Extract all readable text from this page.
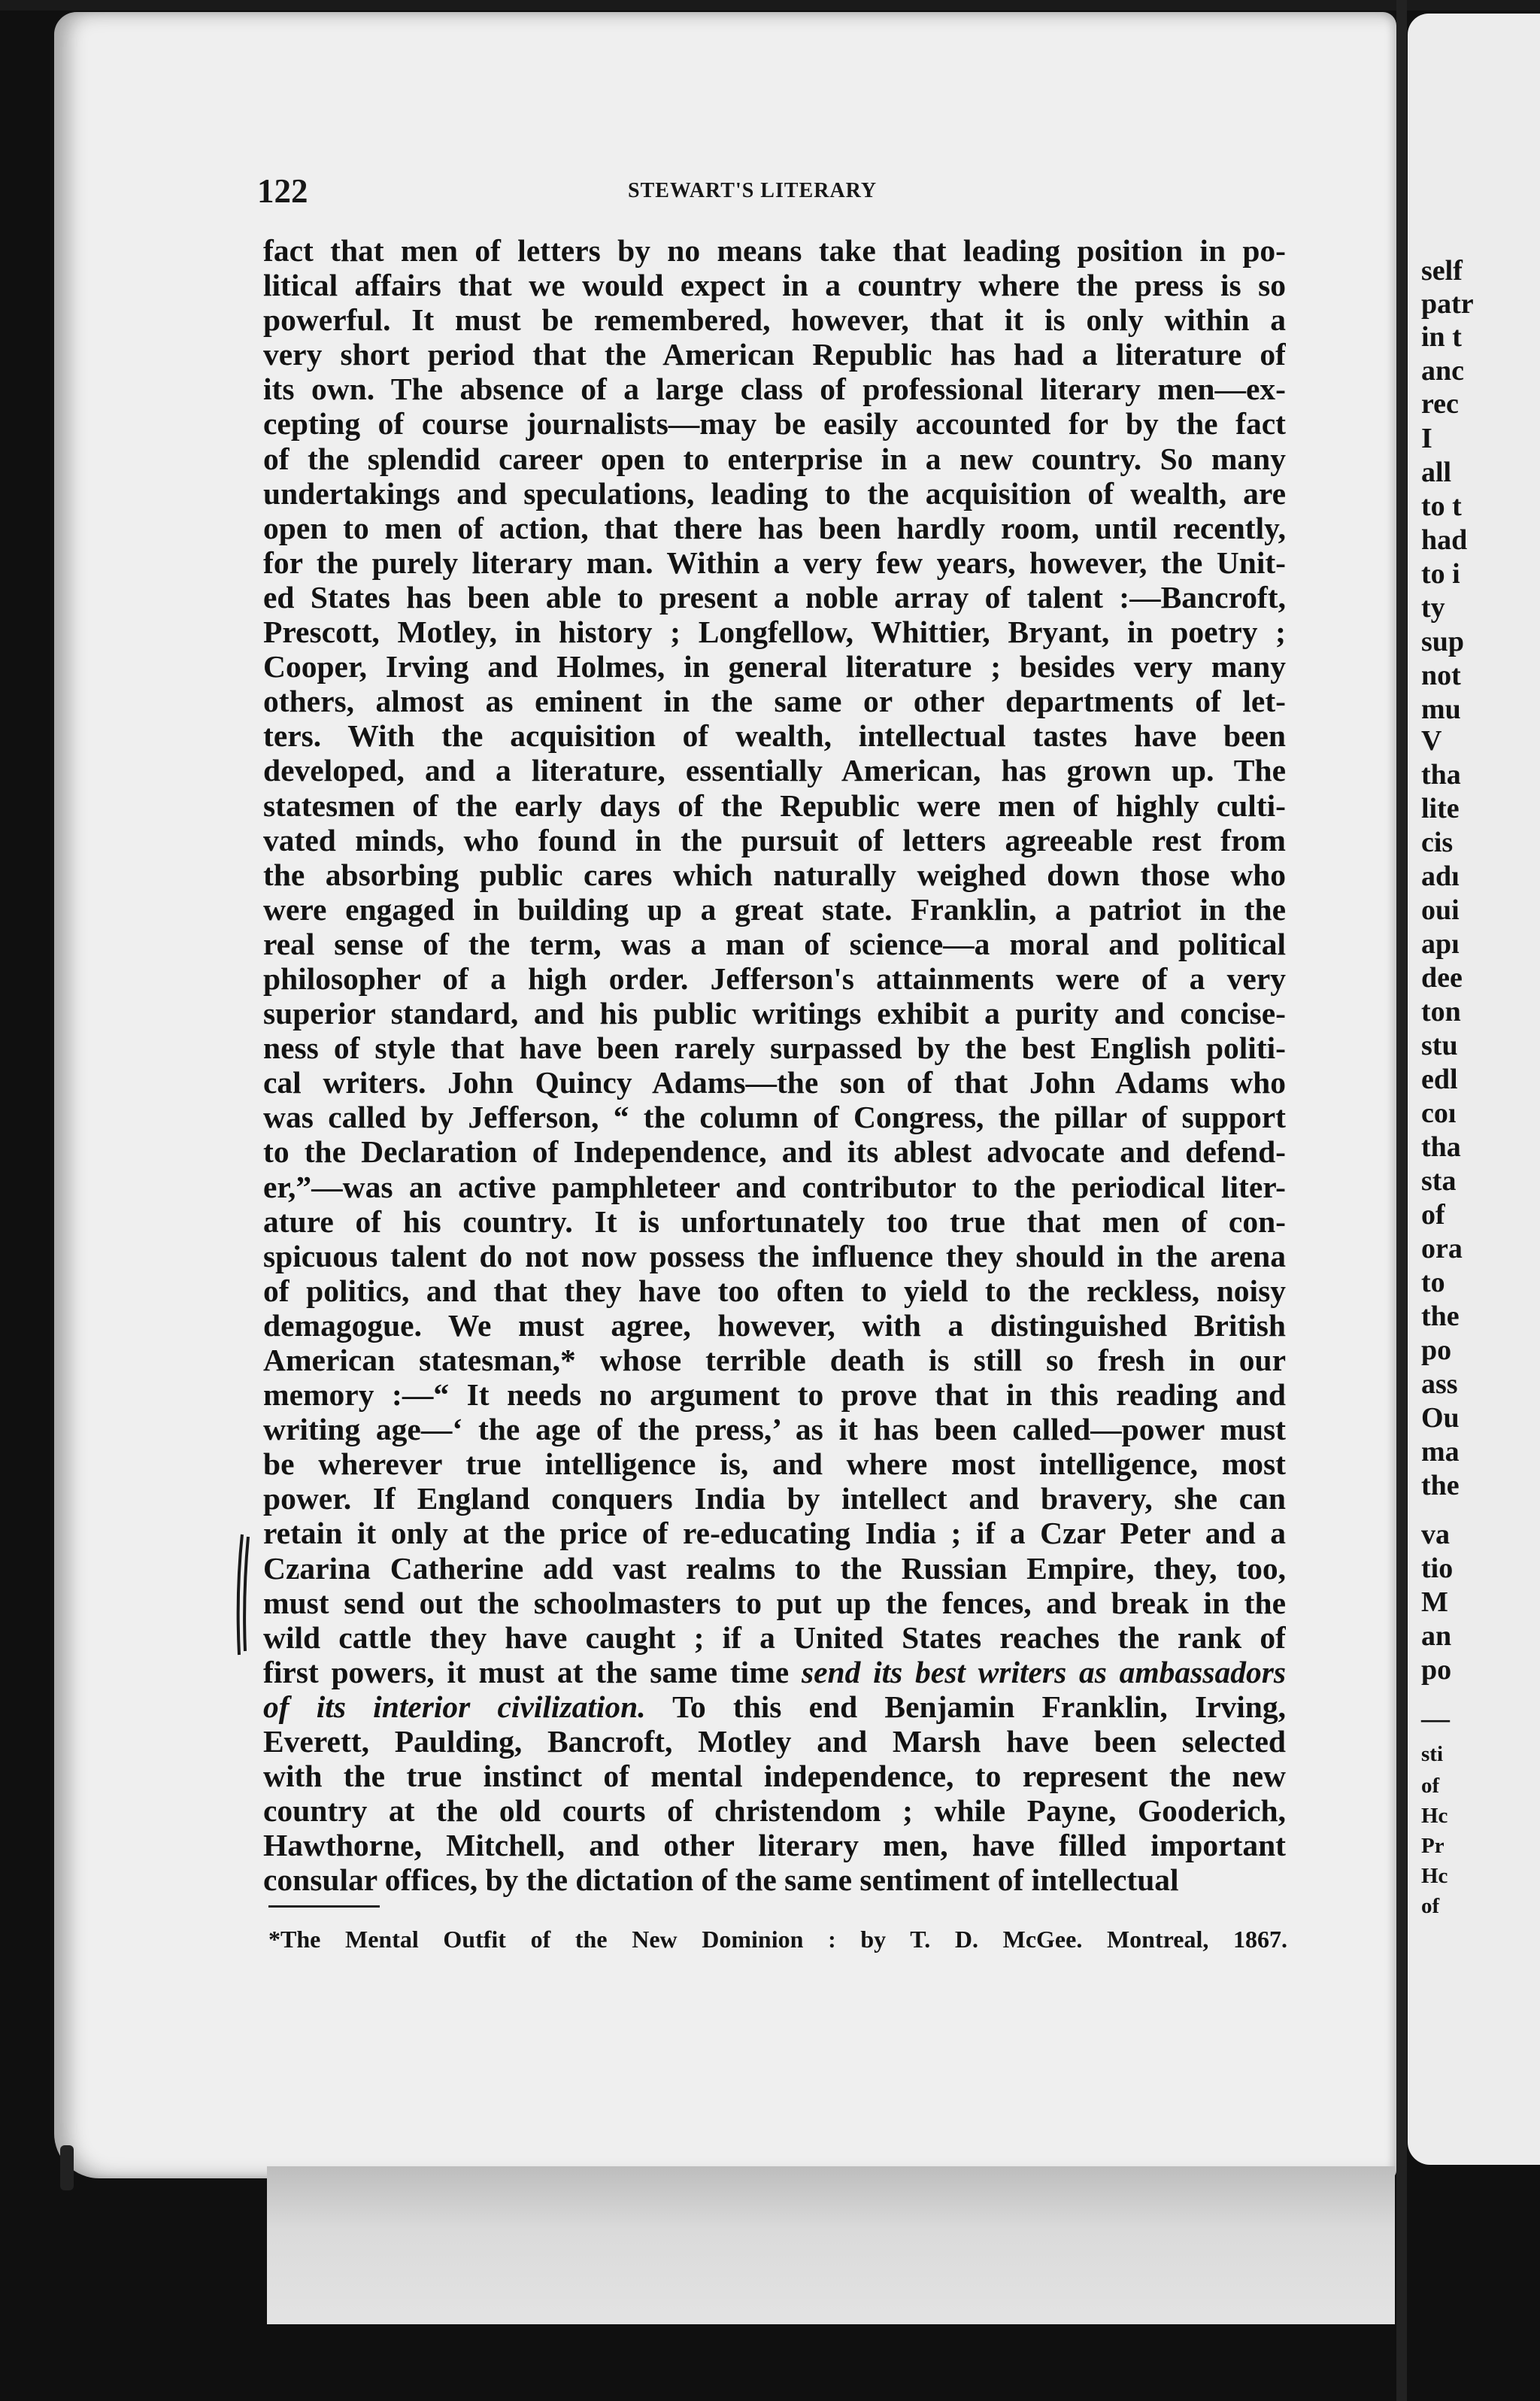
122	STEWART'S LITERARY
fact that men of letters by no means take that leading position in po-
litical affairs that we would expect in a country where the press is so
powerful. It must be remembered, however, that it is only within a
very short period that the American Republic has had a literature of
its own. The absence of a large class of professional literary men—ex-
cepting of course journalists—may be easily accounted for by the fact
of the splendid career open to enterprise in a new country. So many
undertakings and speculations, leading to the acquisition of wealth, are
open to men of action, that there has been hardly room, until recently,
for the purely literary man. Within a very few years, however, the Unit-
ed States has been able to present a noble array of talent :—Bancroft,
Prescott, Motley, in history ; Longfellow, Whittier, Bryant, in poetry ;
Cooper, Irving and Holmes, in general literature ; besides very many
others, almost as eminent in the same or other departments of let-
ters. With the acquisition of wealth, intellectual tastes have been
developed, and a literature, essentially American, has grown up. The
statesmen of the early days of the Republic were men of highly culti-
vated minds, who found in the pursuit of letters agreeable rest from
the absorbing public cares which naturally weighed down those who
were engaged in building up a great state. Franklin, a patriot in the
real sense of the term, was a man of science—a moral and political
philosopher of a high order. Jefferson's attainments were of a very
superior standard, and his public writings exhibit a purity and concise-
ness of style that have been rarely surpassed by the best English politi-
cal writers. John Quincy Adams—the son of that John Adams who
was called by Jefferson, “ the column of Congress, the pillar of support
to the Declaration of Independence, and its ablest advocate and defend-
er,”—was an active pamphleteer and contributor to the periodical liter-
ature of his country. It is unfortunately too true that men of con-
spicuous talent do not now possess the influence they should in the arena
of politics, and that they have too often to yield to the reckless, noisy
demagogue. We must agree, however, with a distinguished British
American statesman,* whose terrible death is still so fresh in our
memory :—“ It needs no argument to prove that in this reading and
writing age—‘ the age of the press,’ as it has been called—power must
be wherever true intelligence is, and where most intelligence, most
power. If England conquers India by intellect and bravery, she can
retain it only at the price of re-educating India ; if a Czar Peter and a
Czarina Catherine add vast realms to the Russian Empire, they, too,
must send out the schoolmasters to put up the fences, and break in the
wild cattle they have caught ; if a United States reaches the rank of
first powers, it must at the same time send its best writers as ambassadors
of its interior civilization. To this end Benjamin Franklin, Irving,
Everett, Paulding, Bancroft, Motley and Marsh have been selected
with the true instinct of mental independence, to represent the new
country at the old courts of christendom ; while Payne, Gooderich,
Hawthorne, Mitchell, and other literary men, have filled important
consular offices, by the dictation of the same sentiment of intellectual
*The Mental Outfit of the New Dominion : by T. D. McGee. Montreal, 1867.
self
patr
in t
anc
rec
I
all
to t
had
to i
ty
sup
not
mu
V
tha
lite
cis
adı
oui
apı
dee
ton
stu
edl
coı
tha
sta
of
ora
to
the
po
ass
Ou
ma
the
va
tio
M
an
po
—
sti
of
Hc
Pr
Hc
of
